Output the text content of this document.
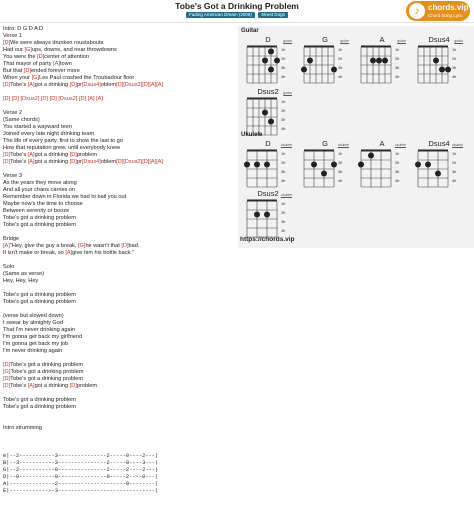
Tobe's Got a Drinking Problem
Fading American Dream (2006) Street Dogs	♪	chords.vip
Chord Song Lyric
Intro: D G D A D
Verse 1
[D]We were always drunken roustabouts
Had our [G]ups, downs, and near throwdowns
You were the [D]center of attention
That mayor of party [A]town
But that [D]ended forever more
When your [G]Les Paul crashed the Troubadour floor
[D]Tobe's [A]got a drinking [D]pr[Dsus4]oblem[D][Dsus2][D][A][A]
[D] [D] [Dsus2] [D] [D] [Dsus2] [D] [A] [A]
Verse 2
(Same chords)
You started a wayward teen
Joined every late night drinking team
The life of every party, first to show the last to go
How that reputation grew, until everybody knew
[D]Tobe's [A]got a drinking [D]problem
[D]Tobe's [A]got a drinking [D]pr[Dsus4]oblem[D][Dsus2][D][A][A]
Verse 3
As the years they move along
And all your chaos carries on
Remember down in Florida we had to bail you out
Maybe now's the time to choose
Between serenity or booze
Tobe's got a drinking problem
Tobe's got a drinking problem
Bridge
[A]"Hey, give the guy a break, [G]he wasn't that [D]bad.
It isn't make or break, so [A]give him his bottle back."
Solo
(Same as verse)
Hey, Hey, Hey
Tobe's got a drinking problem
Tobe's got a drinking problem
(verse but slowed down)
I swear by almighty God
That I'm never drinking again
I'm gonna get back my girlfriend
I'm gonna get back my job
I'm never drinking again
[D]Tobe's got a drinking problem
[G]Tobe's got a drinking problem
[D]Tobe's got a drinking problem
[D]Tobe's [A]got a drinking [D]problem
Tobe's got a drinking problem
Tobe's got a drinking problem
Intro strumming
e|--2-----------3---------------2-----0----2---|
B|--3-----------3---------------2-----0----3---|
G|--2-----------0---------------2-----2----2---|
D|--0-----------0---------------0-----2----0---|
A|--------------2---------------------0--------|
E|--------------3------------------------------|
Guitar
D	guitar
1fr
2fr
3fr
4fr
G	guitar
1fr
2fr
3fr
4fr
A	guitar
1fr
2fr
3fr
4fr
Dsus4	guitar
1fr
2fr
3fr
4fr
Dsus2	guitar
1fr
2fr
3fr
4fr
Ukulele
D	ukulele
1fr
2fr
3fr
4fr
G	ukulele
1fr
2fr
3fr
4fr
A	ukulele
1fr
2fr
3fr
4fr
Dsus4 ukulele
1fr
2fr
3fr
4fr
Dsus2 ukulele
1fr
2fr
3fr
4fr
https://chords.vip
